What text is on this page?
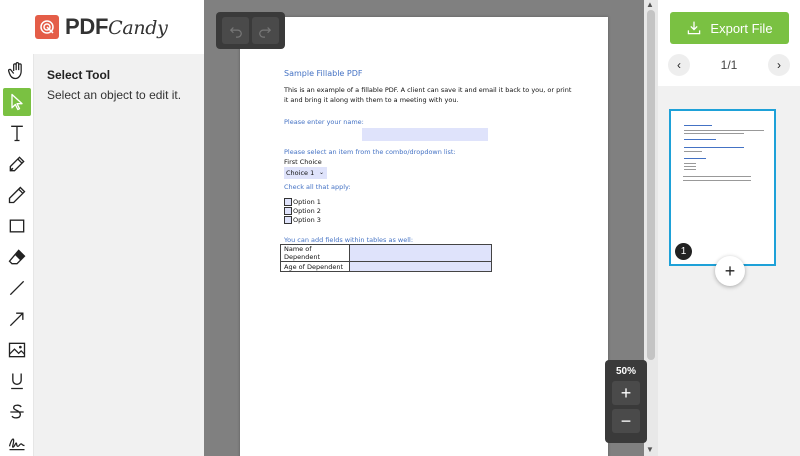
PDFCandy
Select Tool
Select an object to edit it.
Sample Fillable PDF
This is an example of a fillable PDF. A client can save it and email it back to you, or print it and bring it along with them to a meeting with you.
Please enter your name:
Please select an item from the combo/dropdown list:
First Choice
Choice 1 ⌄
Check all that apply:
Option 1
Option 2
Option 3
You can add fields within tables as well:
Name of Dependent	
Age of Dependent	
50%
+
−
▲
▼
Export File
‹	1/1	›
1
+
